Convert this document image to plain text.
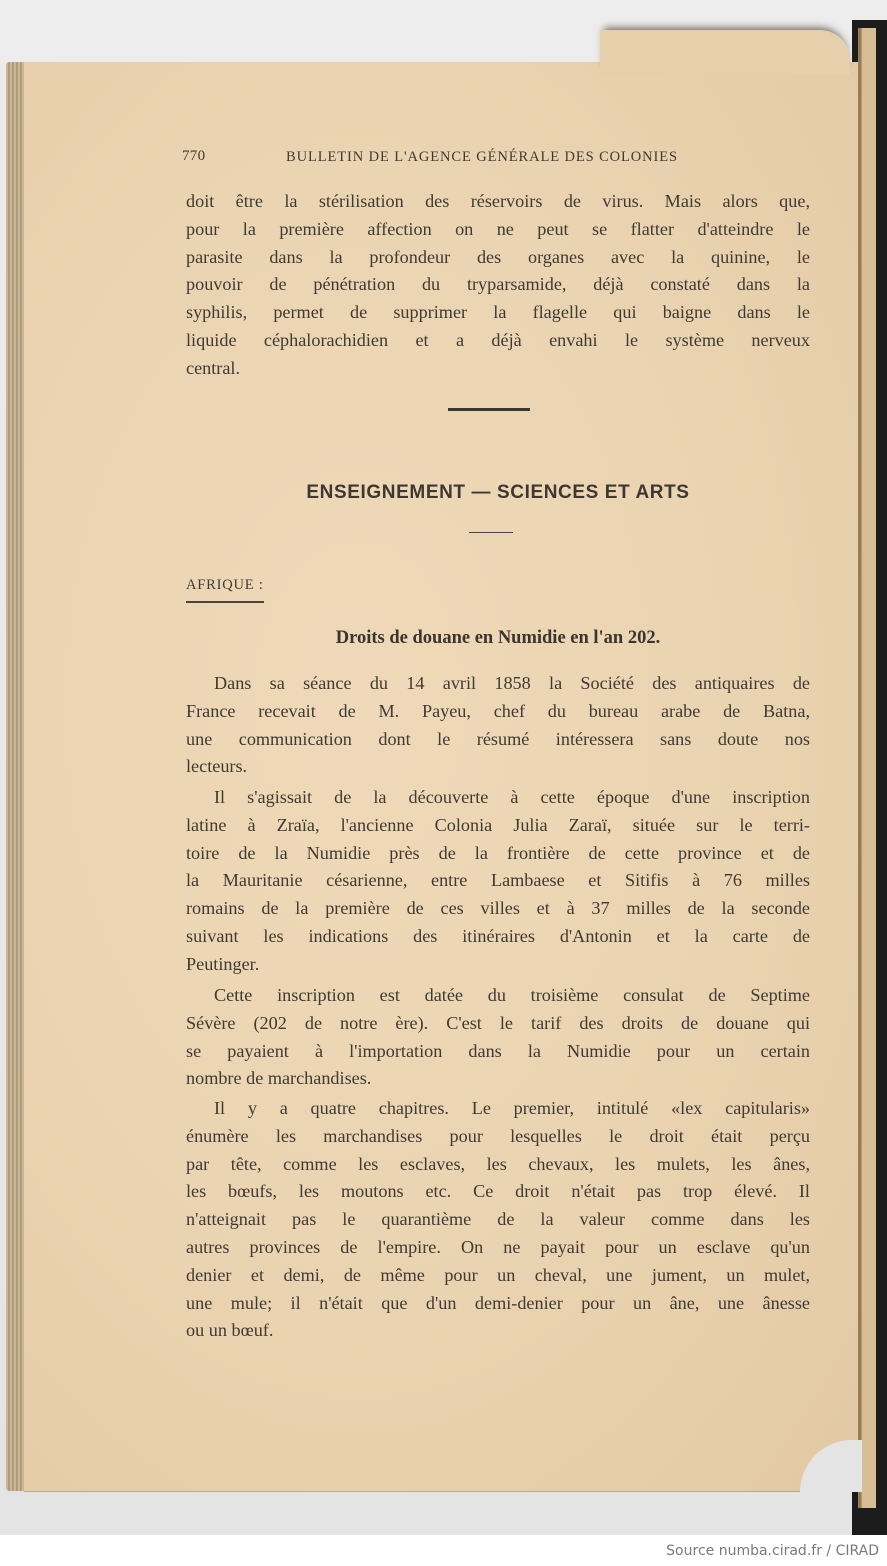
770	BULLETIN DE L'AGENCE GÉNÉRALE DES COLONIES
doit être la stérilisation des réservoirs de virus. Mais alors que,
pour la première affection on ne peut se flatter d'atteindre le
parasite dans la profondeur des organes avec la quinine, le
pouvoir de pénétration du tryparsamide, déjà constaté dans la
syphilis, permet de supprimer la flagelle qui baigne dans le
liquide céphalorachidien et a déjà envahi le système nerveux
central.
ENSEIGNEMENT — SCIENCES ET ARTS
AFRIQUE :
Droits de douane en Numidie en l'an 202.
Dans sa séance du 14 avril 1858 la Société des antiquaires de
France recevait de M. Payeu, chef du bureau arabe de Batna,
une communication dont le résumé intéressera sans doute nos
lecteurs.
Il s'agissait de la découverte à cette époque d'une inscription
latine à Zraïa, l'ancienne Colonia Julia Zaraï, située sur le terri-
toire de la Numidie près de la frontière de cette province et de
la Mauritanie césarienne, entre Lambaese et Sitifis à 76 milles
romains de la première de ces villes et à 37 milles de la seconde
suivant les indications des itinéraires d'Antonin et la carte de
Peutinger.
Cette inscription est datée du troisième consulat de Septime
Sévère (202 de notre ère). C'est le tarif des droits de douane qui
se payaient à l'importation dans la Numidie pour un certain
nombre de marchandises.
Il y a quatre chapitres. Le premier, intitulé «lex capitularis»
énumère les marchandises pour lesquelles le droit était perçu
par tête, comme les esclaves, les chevaux, les mulets, les ânes,
les bœufs, les moutons etc. Ce droit n'était pas trop élevé. Il
n'atteignait pas le quarantième de la valeur comme dans les
autres provinces de l'empire. On ne payait pour un esclave qu'un
denier et demi, de même pour un cheval, une jument, un mulet,
une mule; il n'était que d'un demi-denier pour un âne, une ânesse
ou un bœuf.
Source numba.cirad.fr / CIRAD
